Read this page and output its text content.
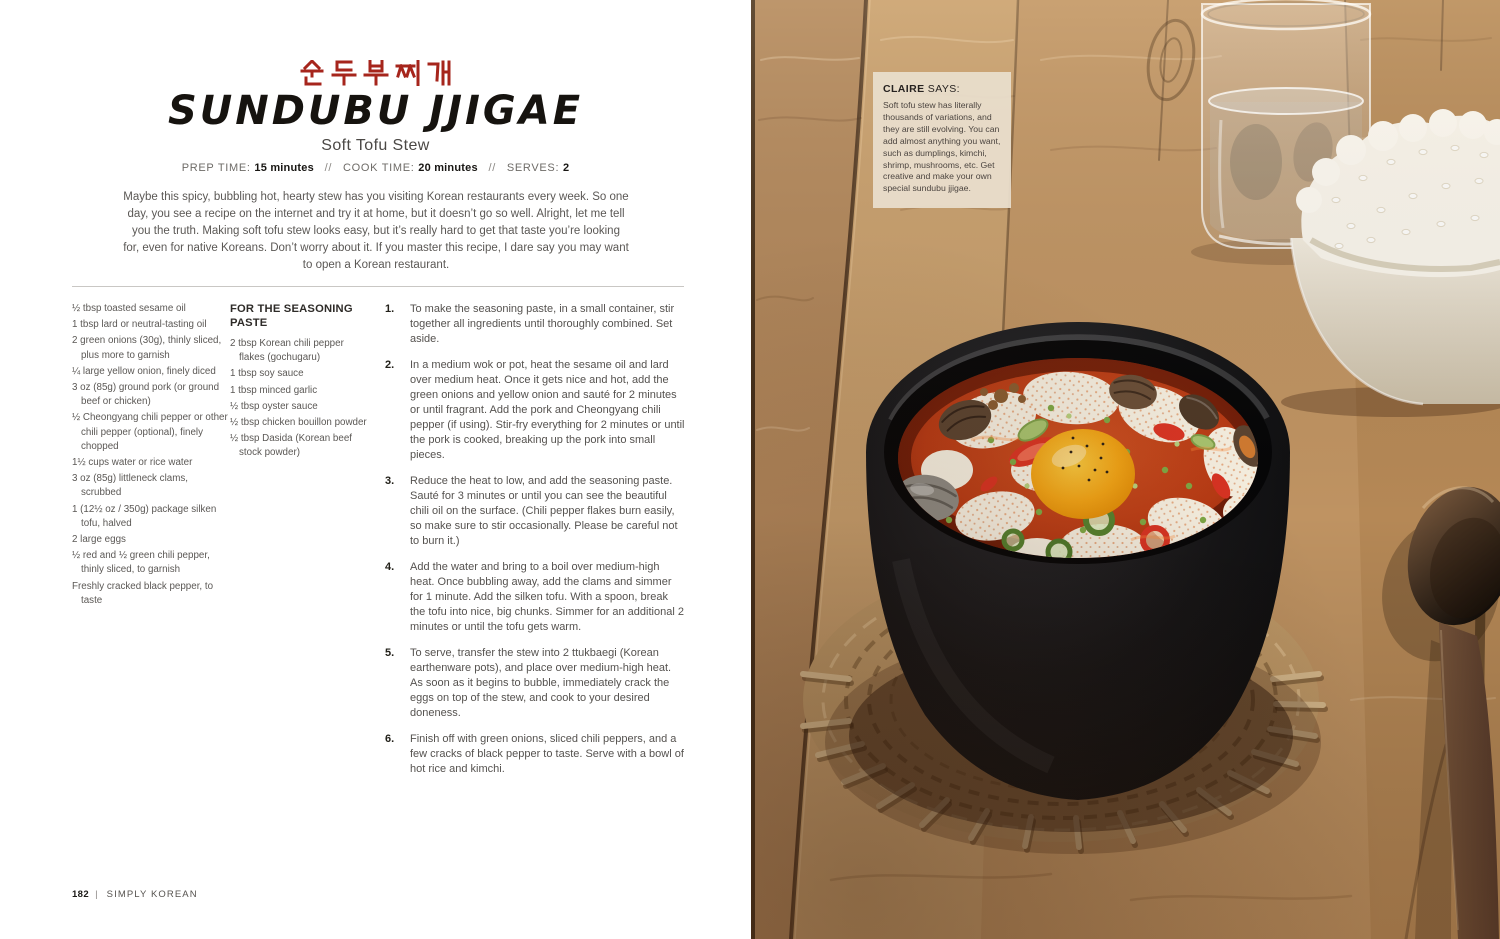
SUNDUBU JJIGAE
Soft Tofu Stew
PREP TIME: 15 minutes // COOK TIME: 20 minutes // SERVES: 2
Maybe this spicy, bubbling hot, hearty stew has you visiting Korean restaurants every week. So one day, you see a recipe on the internet and try it at home, but it doesn’t go so well. Alright, let me tell you the truth. Making soft tofu stew looks easy, but it’s really hard to get that taste you’re looking for, even for native Koreans. Don’t worry about it. If you master this recipe, I dare say you may want to open a Korean restaurant.
½ tbsp toasted sesame oil
1 tbsp lard or neutral-tasting oil
2 green onions (30g), thinly sliced, plus more to garnish
¼ large yellow onion, finely diced
3 oz (85g) ground pork (or ground beef or chicken)
½ Cheongyang chili pepper or other chili pepper (optional), finely chopped
1½ cups water or rice water
3 oz (85g) littleneck clams, scrubbed
1 (12½ oz / 350g) package silken tofu, halved
2 large eggs
½ red and ½ green chili pepper, thinly sliced, to garnish
Freshly cracked black pepper, to taste
FOR THE SEASONING PASTE
2 tbsp Korean chili pepper flakes (gochugaru)
1 tbsp soy sauce
1 tbsp minced garlic
½ tbsp oyster sauce
½ tbsp chicken bouillon powder
½ tbsp Dasida (Korean beef stock powder)
1.	To make the seasoning paste, in a small container, stir together all ingredients until thoroughly combined. Set aside.
2.	In a medium wok or pot, heat the sesame oil and lard over medium heat. Once it gets nice and hot, add the green onions and yellow onion and sauté for 2 minutes or until fragrant. Add the pork and Cheongyang chili pepper (if using). Stir-fry everything for 2 minutes or until the pork is cooked, breaking up the pork into small pieces.
3.	Reduce the heat to low, and add the seasoning paste. Sauté for 3 minutes or until you can see the beautiful chili oil on the surface. (Chili pepper flakes burn easily, so make sure to stir occasionally. Please be careful not to burn it.)
4.	Add the water and bring to a boil over medium-high heat. Once bubbling away, add the clams and simmer for 1 minute. Add the silken tofu. With a spoon, break the tofu into nice, big chunks. Simmer for an additional 2 minutes or until the tofu gets warm.
5.	To serve, transfer the stew into 2 ttukbaegi (Korean earthenware pots), and place over medium-high heat. As soon as it begins to bubble, immediately crack the eggs on top of the stew, and cook to your desired doneness.
6.	Finish off with green onions, sliced chili peppers, and a few cracks of black pepper to taste. Serve with a bowl of hot rice and kimchi.
182 | SIMPLY KOREAN
CLAIRE SAYS:

Soft tofu stew has literally thousands of variations, and they are still evolving. You can add almost anything you want, such as dumplings, kimchi, shrimp, mushrooms, etc. Get creative and make your own special sundubu jjigae.
